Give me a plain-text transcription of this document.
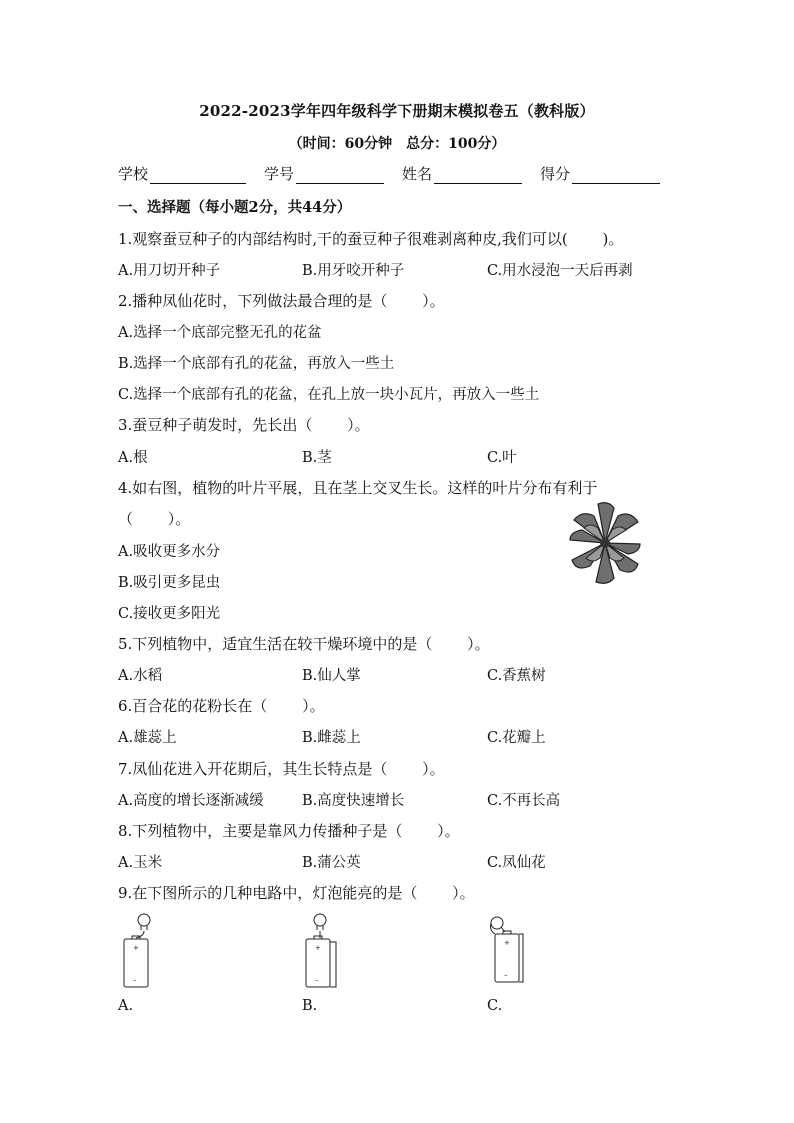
2022-2023学年四年级科学下册期末模拟卷五（教科版）
（时间：60分钟　总分：100分）
学校	学号	姓名	得分
一、选择题（每小题2分，共44分）
1.观察蚕豆种子的内部结构时,干的蚕豆种子很难剥离种皮,我们可以(　　 )。
A.用刀切开种子	B.用牙咬开种子	C.用水浸泡一天后再剥
2.播种凤仙花时，下列做法最合理的是（　　 ）。
A.选择一个底部完整无孔的花盆
B.选择一个底部有孔的花盆，再放入一些土
C.选择一个底部有孔的花盆，在孔上放一块小瓦片，再放入一些土
3.蚕豆种子萌发时，先长出（　　 ）。
A.根	B.茎	C.叶
4.如右图，植物的叶片平展，且在茎上交叉生长。这样的叶片分布有利于
（　　 ）。
A.吸收更多水分
B.吸引更多昆虫
C.接收更多阳光
5.下列植物中，适宜生活在较干燥环境中的是（　　 ）。
A.水稻	B.仙人掌	C.香蕉树
6.百合花的花粉长在（　　 ）。
A.雄蕊上	B.雌蕊上	C.花瓣上
7.凤仙花进入开花期后，其生长特点是（　　 ）。
A.高度的增长逐渐减缓	B.高度快速增长	C.不再长高
8.下列植物中，主要是靠风力传播种子是（　　 ）。
A.玉米	B.蒲公英	C.凤仙花
9.在下图所示的几种电路中，灯泡能亮的是（　　 ）。
+
–
A.
+
–
B.
+
–
C.
